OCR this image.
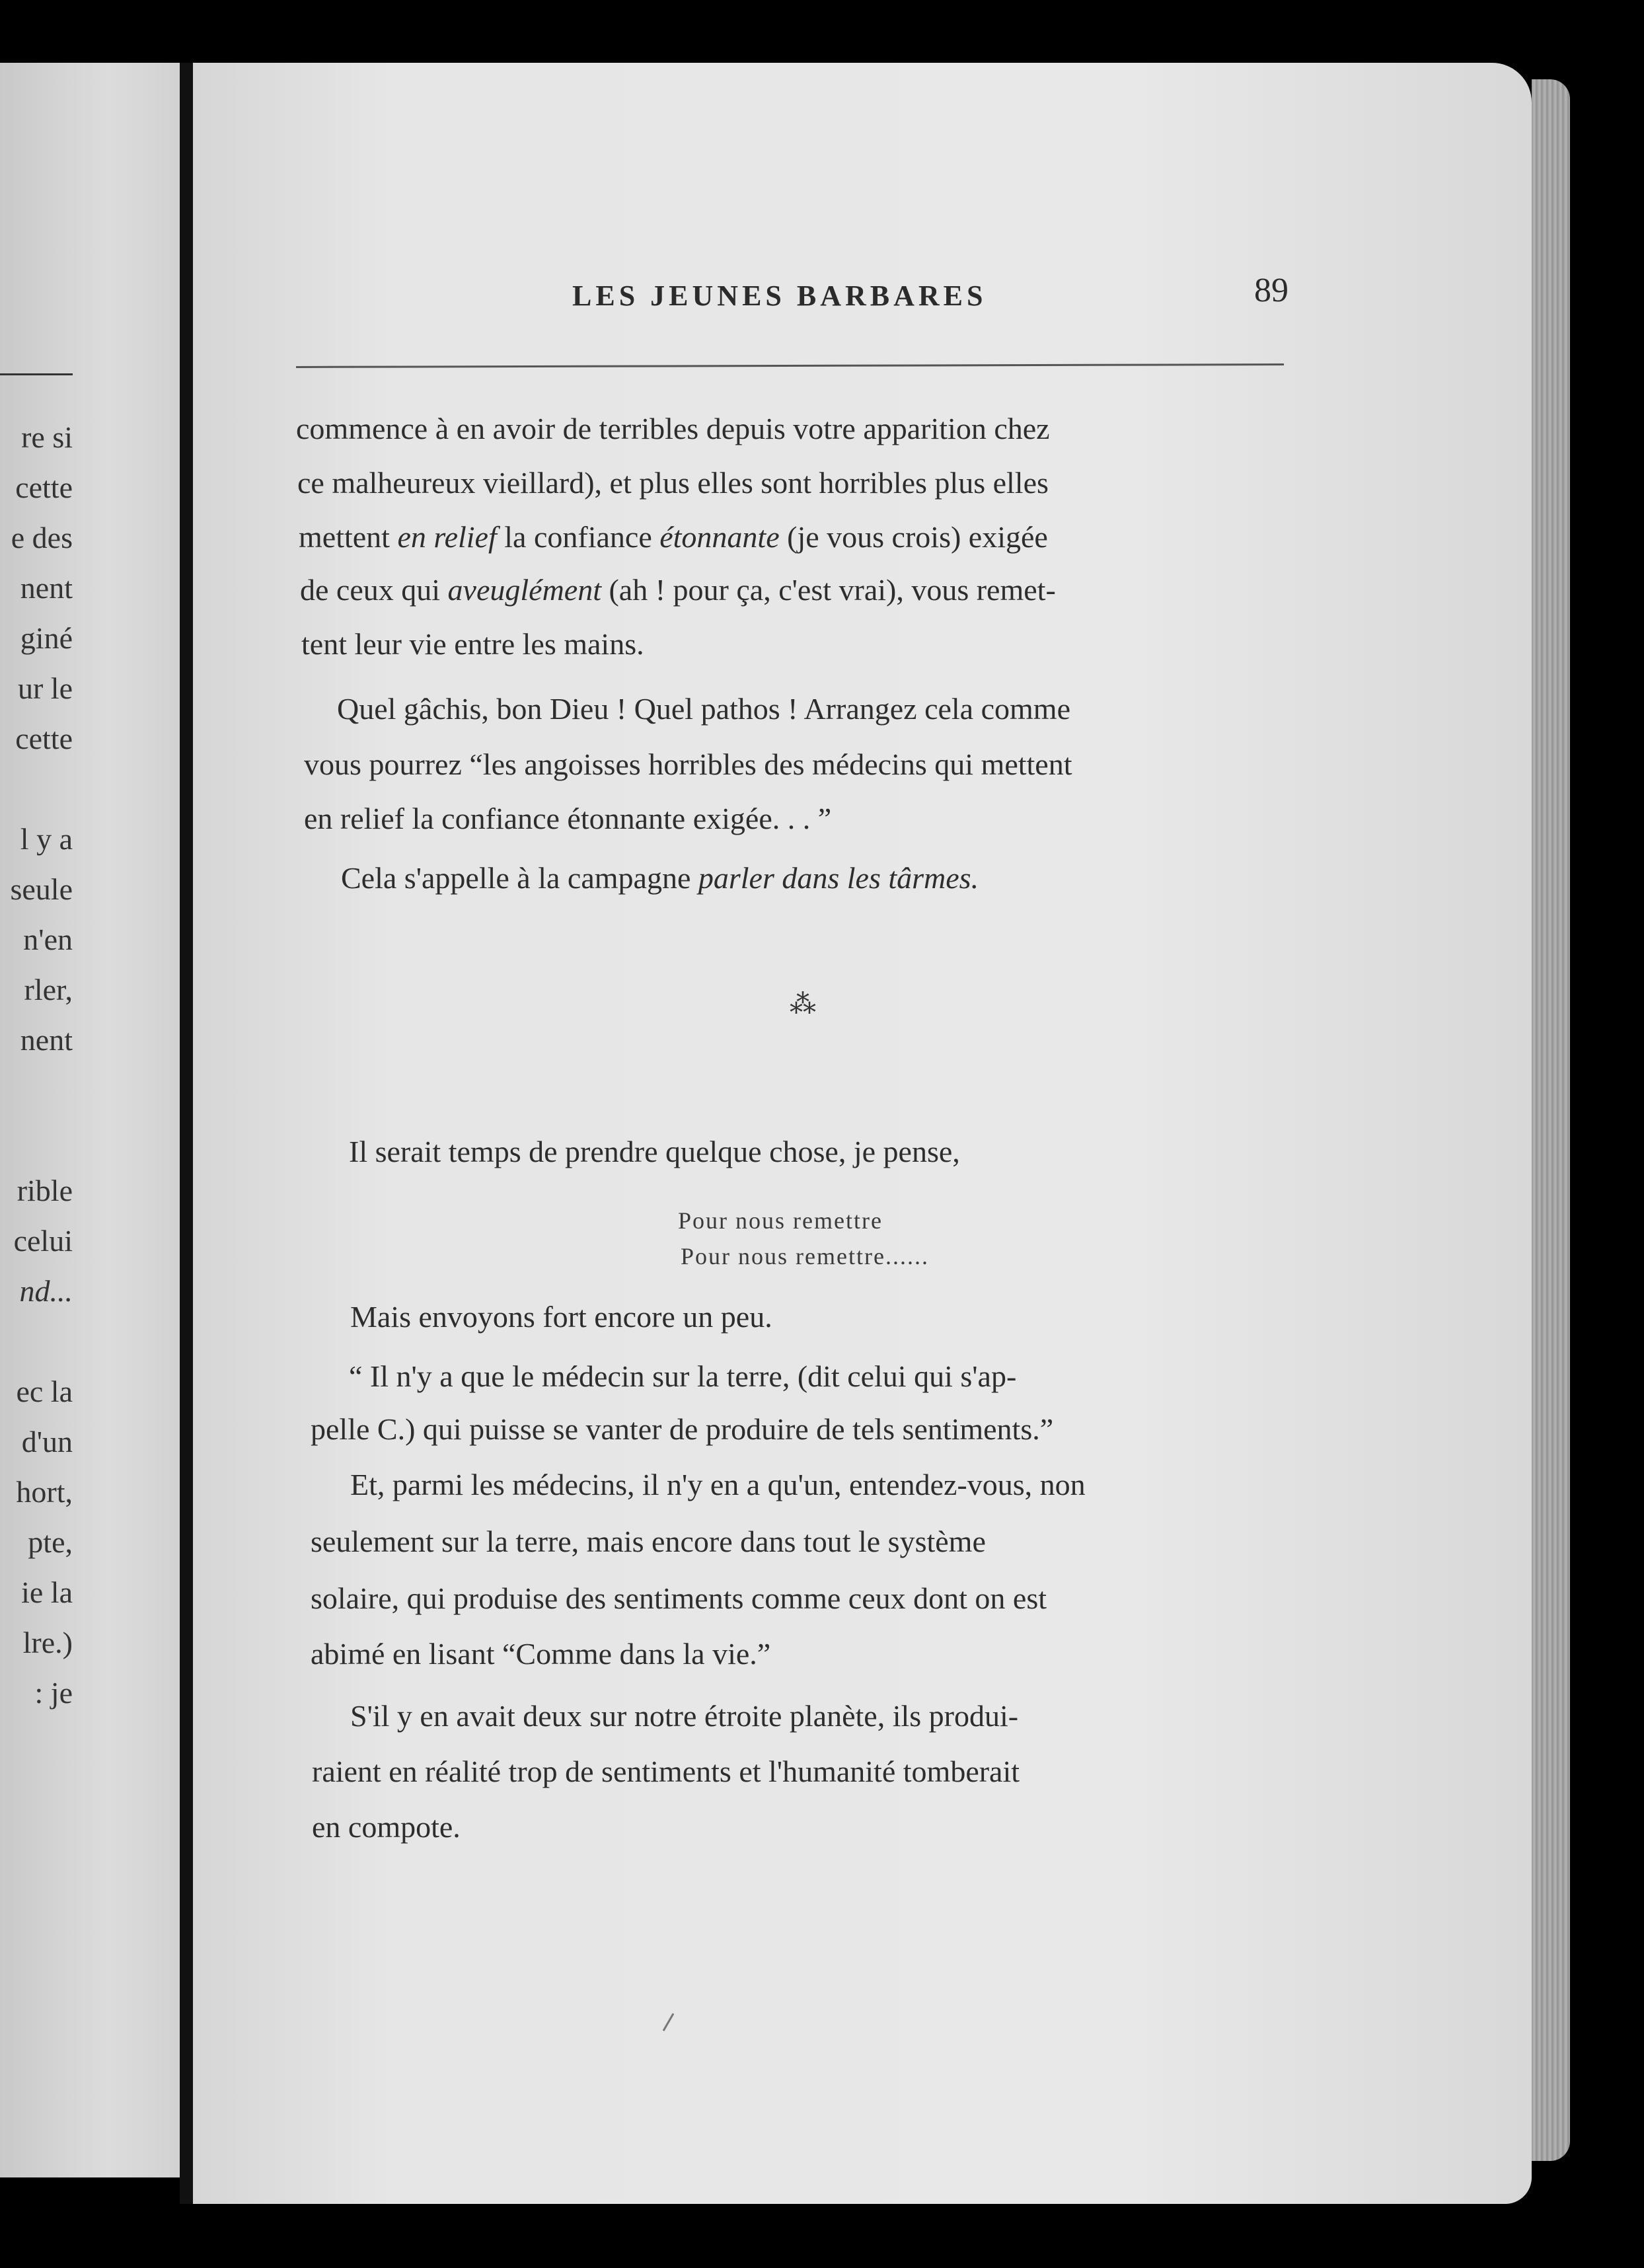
re si
cette
e des
nent
giné
ur le
cette
l y a
seule
n'en
rler,
nent
rible
celui
nd...
ec la
d'un
hort,
pte,
ie la
lre.)
: je
LES JEUNES BARBARES	89
commence à en avoir de terribles depuis votre apparition chez
ce malheureux vieillard), et plus elles sont horribles plus elles
mettent en relief la confiance étonnante (je vous crois) exigée
de ceux qui aveuglément (ah ! pour ça, c'est vrai), vous remet-
tent leur vie entre les mains.
Quel gâchis, bon Dieu ! Quel pathos ! Arrangez cela comme
vous pourrez “les angoisses horribles des médecins qui mettent
en relief la confiance étonnante exigée. . . ”
Cela s'appelle à la campagne parler dans les târmes.
⁂
Il serait temps de prendre quelque chose, je pense,
Pour nous remettre
Pour nous remettre......
Mais envoyons fort encore un peu.
“ Il n'y a que le médecin sur la terre, (dit celui qui s'ap-
pelle C.) qui puisse se vanter de produire de tels sentiments.”
Et, parmi les médecins, il n'y en a qu'un, entendez-vous, non
seulement sur la terre, mais encore dans tout le système
solaire, qui produise des sentiments comme ceux dont on est
abimé en lisant “Comme dans la vie.”
S'il y en avait deux sur notre étroite planète, ils produi-
raient en réalité trop de sentiments et l'humanité tomberait
en compote.
